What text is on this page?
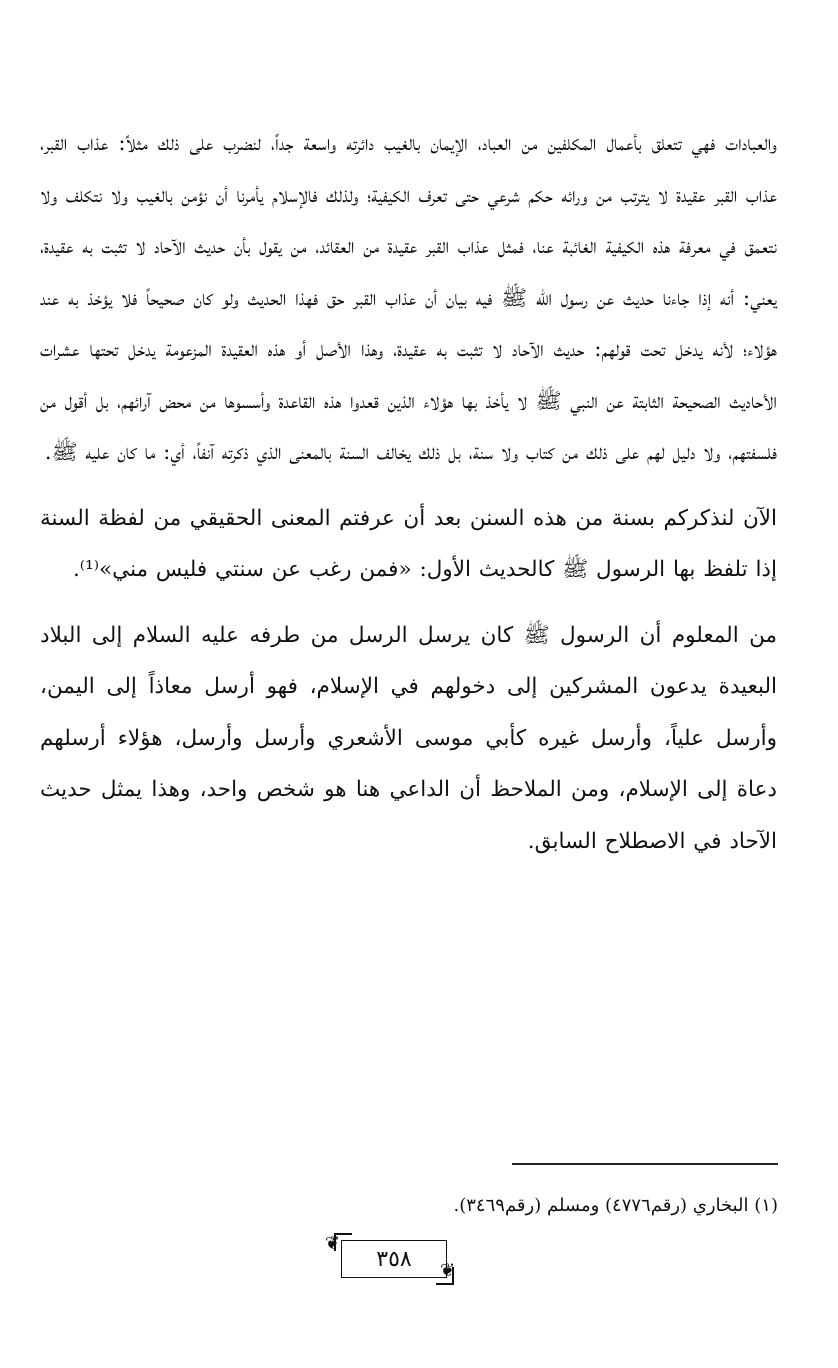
والعبادات فهي تتعلق بأعمال المكلفين من العباد، الإيمان بالغيب دائرته واسعة جداً، لنضرب على ذلك مثلاً: عذاب القبر، عذاب القبر عقيدة لا يترتب من ورائه حكم شرعي حتى تعرف الكيفية؛ ولذلك فالإسلام يأمرنا أن نؤمن بالغيب ولا نتكلف ولا نتعمق في معرفة هذه الكيفية الغائبة عنا، فمثل عذاب القبر عقيدة من العقائد، من يقول بأن حديث الآحاد لا تثبت به عقيدة، يعني: أنه إذا جاءنا حديث عن رسول الله ﷺ فيه بيان أن عذاب القبر حق فهذا الحديث ولو كان صحيحاً فلا يؤخذ به عند هؤلاء؛ لأنه يدخل تحت قولهم: حديث الآحاد لا تثبت به عقيدة، وهذا الأصل أو هذه العقيدة المزعومة يدخل تحتها عشرات الأحاديث الصحيحة الثابتة عن النبي ﷺ لا يأخذ بها هؤلاء الذين قعدوا هذه القاعدة وأسسوها من محض آرائهم، بل أقول من فلسفتهم، ولا دليل لهم على ذلك من كتاب ولا سنة، بل ذلك يخالف السنة بالمعنى الذي ذكرته آنفاً، أي: ما كان عليه ﷺ.

الآن لنذكركم بسنة من هذه السنن بعد أن عرفتم المعنى الحقيقي من لفظة السنة إذا تلفظ بها الرسول ﷺ كالحديث الأول: «فمن رغب عن سنتي فليس مني»⁽¹⁾.

من المعلوم أن الرسول ﷺ كان يرسل الرسل من طرفه عليه السلام إلى البلاد البعيدة يدعون المشركين إلى دخولهم في الإسلام، فهو أرسل معاذاً إلى اليمن، وأرسل علياً، وأرسل غيره كأبي موسى الأشعري وأرسل وأرسل، هؤلاء أرسلهم دعاة إلى الإسلام، ومن الملاحظ أن الداعي هنا هو شخص واحد، وهذا يمثل حديث الآحاد في الاصطلاح السابق.

(١) البخاري (رقم٤٧٧٦) ومسلم (رقم٣٤٦٩).
❦
٣٥٨ ❦
